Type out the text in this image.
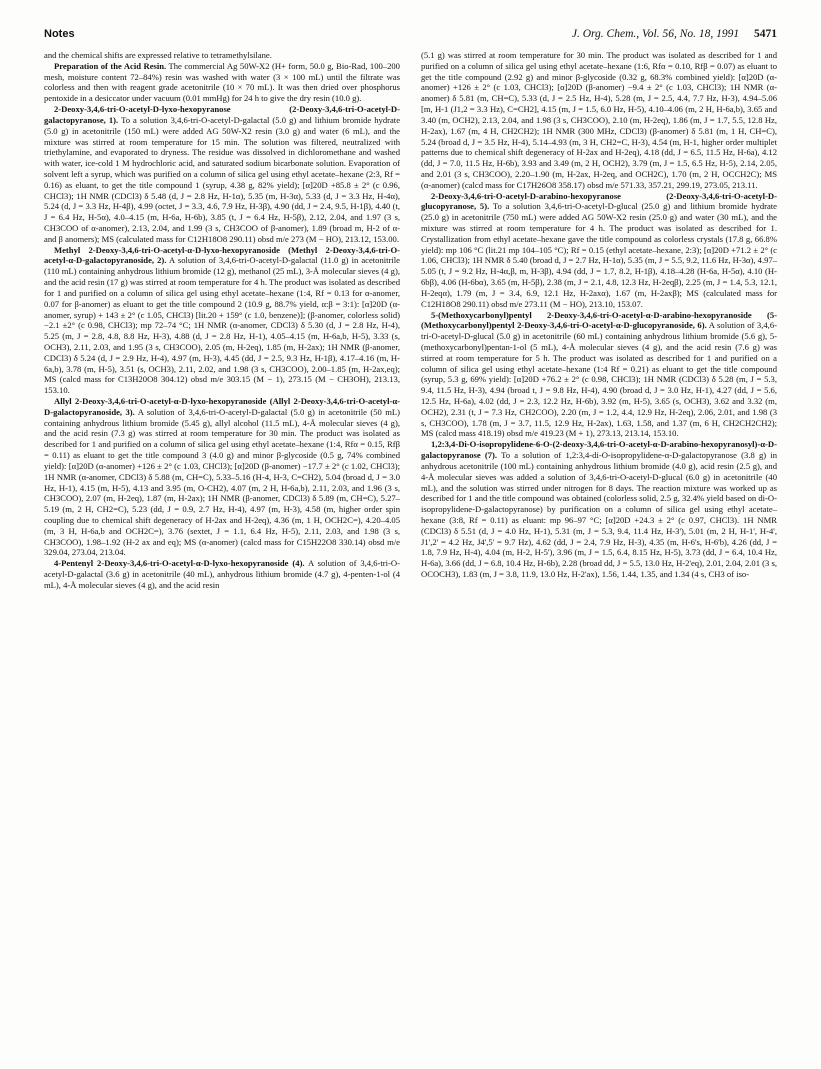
Notes	J. Org. Chem., Vol. 56, No. 18, 1991 5471

and the chemical shifts are expressed relative to tetramethylsilane.

Preparation of the Acid Resin. The commercial Ag 50W-X2 (H+ form, 50.0 g, Bio-Rad, 100–200 mesh, moisture content 72–84%) resin was washed with water (3 × 100 mL) until the filtrate was colorless and then with reagent grade acetonitrile (10 × 70 mL). It was then dried over phosphorus pentoxide in a desiccator under vacuum (0.01 mmHg) for 24 h to give the dry resin (10.0 g).

2-Deoxy-3,4,6-tri-O-acetyl-D-lyxo-hexopyranose (2-Deoxy-3,4,6-tri-O-acetyl-D-galactopyranose, 1). To a solution 3,4,6-tri-O-acetyl-D-galactal (5.0 g) and lithium bromide hydrate (5.0 g) in acetonitrile (150 mL) were added AG 50W-X2 resin (3.0 g) and water (6 mL), and the mixture was stirred at room temperature for 15 min. The solution was filtered, neutralized with triethylamine, and evaporated to dryness. The residue was dissolved in dichloromethane and washed with water, ice-cold 1 M hydrochloric acid, and saturated sodium bicarbonate solution. Evaporation of solvent left a syrup, which was purified on a column of silica gel using ethyl acetate–hexane (2:3, Rf = 0.16) as eluant, to get the title compound 1 (syrup, 4.38 g, 82% yield); [α]20D +85.8 ± 2° (c 0.96, CHCl3); 1H NMR (CDCl3) δ 5.48 (d, J = 2.8 Hz, H-1α), 5.35 (m, H-3α), 5.33 (d, J = 3.3 Hz, H-4α), 5.24 (d, J = 3.3 Hz, H-4β), 4.99 (octet, J = 3.3, 4.6, 7.9 Hz, H-3β), 4.90 (dd, J = 2.4, 9.5, H-1β), 4.40 (t, J = 6.4 Hz, H-5α), 4.0–4.15 (m, H-6a, H-6b), 3.85 (t, J = 6.4 Hz, H-5β), 2.12, 2.04, and 1.97 (3 s, CH3COO of α-anomer), 2.13, 2.04, and 1.99 (3 s, CH3COO of β-anomer), 1.89 (broad m, H-2 of α- and β anomers); MS (calculated mass for C12H18O8 290.11) obsd m/e 273 (M − HO), 213.12, 153.00.

Methyl 2-Deoxy-3,4,6-tri-O-acetyl-α-D-lyxo-hexopyranoside (Methyl 2-Deoxy-3,4,6-tri-O-acetyl-α-D-galactopyranoside, 2). A solution of 3,4,6-tri-O-acetyl-D-galactal (11.0 g) in acetonitrile (110 mL) containing anhydrous lithium bromide (12 g), methanol (25 mL), 3-Å molecular sieves (4 g), and the acid resin (17 g) was stirred at room temperature for 4 h. The product was isolated as described for 1 and purified on a column of silica gel using ethyl acetate–hexane (1:4, Rf = 0.13 for α-anomer, 0.07 for β-anomer) as eluant to get the title compound 2 (10.9 g, 88.7% yield, α:β = 3:1): [α]20D (α-anomer, syrup) + 143 ± 2° (c 1.05, CHCl3) [lit.20 + 159° (c 1.0, benzene)]; (β-anomer, colorless solid) −2.1 ±2° (c 0.98, CHCl3); mp 72–74 °C; 1H NMR (α-anomer, CDCl3) δ 5.30 (d, J = 2.8 Hz, H-4), 5.25 (m, J = 2.8, 4.8, 8.8 Hz, H-3), 4.88 (d, J = 2.8 Hz, H-1), 4.05–4.15 (m, H-6a,b, H-5), 3.33 (s, OCH3), 2.11, 2.03, and 1.95 (3 s, CH3COO), 2.05 (m, H-2eq), 1.85 (m, H-2ax); 1H NMR (β-anomer, CDCl3) δ 5.24 (d, J = 2.9 Hz, H-4), 4.97 (m, H-3), 4.45 (dd, J = 2.5, 9.3 Hz, H-1β), 4.17–4.16 (m, H-6a,b), 3.78 (m, H-5), 3.51 (s, OCH3), 2.11, 2.02, and 1.98 (3 s, CH3COO), 2.00–1.85 (m, H-2ax,eq); MS (calcd mass for C13H20O8 304.12) obsd m/e 303.15 (M − 1), 273.15 (M − CH3OH), 213.13, 153.10.

Allyl 2-Deoxy-3,4,6-tri-O-acetyl-α-D-lyxo-hexopyranoside (Allyl 2-Deoxy-3,4,6-tri-O-acetyl-α-D-galactopyranoside, 3). A solution of 3,4,6-tri-O-acetyl-D-galactal (5.0 g) in acetonitrile (50 mL) containing anhydrous lithium bromide (5.45 g), allyl alcohol (11.5 mL), 4-Å molecular sieves (4 g), and the acid resin (7.3 g) was stirred at room temperature for 30 min. The product was isolated as described for 1 and purified on a column of silica gel using ethyl acetate–hexane (1:4, Rfα = 0.15, Rfβ = 0.11) as eluant to get the title compound 3 (4.0 g) and minor β-glycoside (0.5 g, 74% combined yield): [α]20D (α-anomer) +126 ± 2° (c 1.03, CHCl3); [α]20D (β-anomer) −17.7 ± 2° (c 1.02, CHCl3); 1H NMR (α-anomer, CDCl3) δ 5.88 (m, CH=C), 5.33–5.16 (H-4, H-3, C=CH2), 5.04 (broad d, J = 3.0 Hz, H-1), 4.15 (m, H-5), 4.13 and 3.95 (m, O-CH2), 4.07 (m, 2 H, H-6a,b), 2.11, 2.03, and 1.96 (3 s, CH3COO), 2.07 (m, H-2eq), 1.87 (m, H-2ax); 1H NMR (β-anomer, CDCl3) δ 5.89 (m, CH=C), 5.27–5.19 (m, 2 H, CH2=C), 5.23 (dd, J = 0.9, 2.7 Hz, H-4), 4.97 (m, H-3), 4.58 (m, higher order spin coupling due to chemical shift degeneracy of H-2ax and H-2eq), 4.36 (m, 1 H, OCH2C=), 4.20–4.05 (m, 3 H, H-6a,b and OCH2C=), 3.76 (sextet, J = 1.1, 6.4 Hz, H-5), 2.11, 2.03, and 1.98 (3 s, CH3COO), 1.98–1.92 (H-2 ax and eq); MS (α-anomer) (calcd mass for C15H22O8 330.14) obsd m/e 329.04, 273.04, 213.04.

4-Pentenyl 2-Deoxy-3,4,6-tri-O-acetyl-α-D-lyxo-hexopyranoside (4). A solution of 3,4,6-tri-O-acetyl-D-galactal (3.6 g) in acetonitrile (40 mL), anhydrous lithium bromide (4.7 g), 4-penten-1-ol (4 mL), 4-Å molecular sieves (4 g), and the acid resin

(5.1 g) was stirred at room temperature for 30 min. The product was isolated as described for 1 and purified on a column of silica gel using ethyl acetate–hexane (1:6, Rfα = 0.10, Rfβ = 0.07) as eluant to get the title compound (2.92 g) and minor β-glycoside (0.32 g, 68.3% combined yield): [α]20D (α-anomer) +126 ± 2° (c 1.03, CHCl3); [α]20D (β-anomer) −9.4 ± 2° (c 1.03, CHCl3); 1H NMR (α-anomer) δ 5.81 (m, CH=C), 5.33 (d, J = 2.5 Hz, H-4), 5.28 (m, J = 2.5, 4.4, 7.7 Hz, H-3), 4.94–5.06 [m, H-1 (J1,2 = 3.3 Hz), C=CH2], 4.15 (m, J = 1.5, 6.0 Hz, H-5), 4.10–4.06 (m, 2 H, H-6a,b), 3.65 and 3.40 (m, OCH2), 2.13, 2.04, and 1.98 (3 s, CH3COO), 2.10 (m, H-2eq), 1.86 (m, J = 1.7, 5.5, 12.8 Hz, H-2ax), 1.67 (m, 4 H, CH2CH2); 1H NMR (300 MHz, CDCl3) (β-anomer) δ 5.81 (m, 1 H, CH=C), 5.24 (broad d, J = 3.5 Hz, H-4), 5.14–4.93 (m, 3 H, CH2=C, H-3), 4.54 (m, H-1, higher order multiplet patterns due to chemical shift degeneracy of H-2ax and H-2eq), 4.18 (dd, J = 6.5, 11.5 Hz, H-6a), 4.12 (dd, J = 7.0, 11.5 Hz, H-6b), 3.93 and 3.49 (m, 2 H, OCH2), 3.79 (m, J = 1.5, 6.5 Hz, H-5), 2.14, 2.05, and 2.01 (3 s, CH3COO), 2.20–1.90 (m, H-2ax, H-2eq, and OCH2C), 1.70 (m, 2 H, OCCH2C); MS (α-anomer) (calcd mass for C17H26O8 358.17) obsd m/e 571.33, 357.21, 299.19, 273.05, 213.11.

2-Deoxy-3,4,6-tri-O-acetyl-D-arabino-hexopyranose (2-Deoxy-3,4,6-tri-O-acetyl-D-glucopyranose, 5). To a solution 3,4,6-tri-O-acetyl-D-glucal (25.0 g) and lithium bromide hydrate (25.0 g) in acetonitrile (750 mL) were added AG 50W-X2 resin (25.0 g) and water (30 mL), and the mixture was stirred at room temperature for 4 h. The product was isolated as described for 1. Crystallization from ethyl acetate–hexane gave the title compound as colorless crystals (17.8 g, 66.8% yield): mp 106 °C (lit.21 mp 104–105 °C); Rf = 0.15 (ethyl acetate–hexane, 2:3); [α]20D +71.2 ± 2° (c 1.06, CHCl3); 1H NMR δ 5.40 (broad d, J = 2.7 Hz, H-1α), 5.35 (m, J = 5.5, 9.2, 11.6 Hz, H-3α), 4.97–5.05 (t, J = 9.2 Hz, H-4α,β, m, H-3β), 4.94 (dd, J = 1.7, 8.2, H-1β), 4.18–4.28 (H-6a, H-5α), 4.10 (H-6bβ), 4.06 (H-6bα), 3.65 (m, H-5β), 2.38 (m, J = 2.1, 4.8, 12.3 Hz, H-2eqβ), 2.25 (m, J = 1.4, 5.3, 12.1, H-2eqα), 1.79 (m, J = 3.4, 6.9, 12.1 Hz, H-2axα), 1.67 (m, H-2axβ); MS (calculated mass for C12H18O8 290.11) obsd m/e 273.11 (M − HO), 213.10, 153.07.

5-(Methoxycarbonyl)pentyl 2-Deoxy-3,4,6-tri-O-acetyl-α-D-arabino-hexopyranoside (5-(Methoxycarbonyl)pentyl 2-Deoxy-3,4,6-tri-O-acetyl-α-D-glucopyranoside, 6). A solution of 3,4,6-tri-O-acetyl-D-glucal (5.0 g) in acetonitrile (60 mL) containing anhydrous lithium bromide (5.6 g), 5-(methoxycarbonyl)pentan-1-ol (5 mL), 4-Å molecular sieves (4 g), and the acid resin (7.6 g) was stirred at room temperature for 5 h. The product was isolated as described for 1 and purified on a column of silica gel using ethyl acetate–hexane (1:4 Rf = 0.21) as eluant to get the title compound (syrup, 5.3 g, 69% yield): [α]20D +76.2 ± 2° (c 0.98, CHCl3); 1H NMR (CDCl3) δ 5.28 (m, J = 5.3, 9.4, 11.5 Hz, H-3), 4.94 (broad t, J = 9.8 Hz, H-4), 4.90 (broad d, J = 3.0 Hz, H-1), 4.27 (dd, J = 5.6, 12.5 Hz, H-6a), 4.02 (dd, J = 2.3, 12.2 Hz, H-6b), 3.92 (m, H-5), 3.65 (s, OCH3), 3.62 and 3.32 (m, OCH2), 2.31 (t, J = 7.3 Hz, CH2COO), 2.20 (m, J = 1.2, 4.4, 12.9 Hz, H-2eq), 2.06, 2.01, and 1.98 (3 s, CH3COO), 1.78 (m, J = 3.7, 11.5, 12.9 Hz, H-2ax), 1.63, 1.58, and 1.37 (m, 6 H, CH2CH2CH2); MS (calcd mass 418.19) obsd m/e 419.23 (M + 1), 273.13, 213.14, 153.10.

1,2:3,4-Di-O-isopropylidene-6-O-(2-deoxy-3,4,6-tri-O-acetyl-α-D-arabino-hexopyranosyl)-α-D-galactopyranose (7). To a solution of 1,2:3,4-di-O-isopropylidene-α-D-galactopyranose (3.8 g) in anhydrous acetonitrile (100 mL) containing anhydrous lithium bromide (4.0 g), acid resin (2.5 g), and 4-Å molecular sieves was added a solution of 3,4,6-tri-O-acetyl-D-glucal (6.0 g) in acetonitrile (40 mL), and the solution was stirred under nitrogen for 8 days. The reaction mixture was worked up as described for 1 and the title compound was obtained (colorless solid, 2.5 g, 32.4% yield based on di-O-isopropylidene-D-galactopyranose) by purification on a column of silica gel using ethyl acetate–hexane (3:8, Rf = 0.11) as eluant: mp 96–97 °C; [α]20D +24.3 ± 2° (c 0.97, CHCl3). 1H NMR (CDCl3) δ 5.51 (d, J = 4.0 Hz, H-1), 5.31 (m, J = 5.3, 9.4, 11.4 Hz, H-3'), 5.01 (m, 2 H, H-1', H-4', J1',2' = 4.2 Hz, J4',5' = 9.7 Hz), 4.62 (dd, J = 2.4, 7.9 Hz, H-3), 4.35 (m, H-6's, H-6'b), 4.26 (dd, J = 1.8, 7.9 Hz, H-4), 4.04 (m, H-2, H-5'), 3.96 (m, J = 1.5, 6.4, 8.15 Hz, H-5), 3.73 (dd, J = 6.4, 10.4 Hz, H-6a), 3.66 (dd, J = 6.8, 10.4 Hz, H-6b), 2.28 (broad dd, J = 5.5, 13.0 Hz, H-2'eq), 2.01, 2.04, 2.01 (3 s, OCOCH3), 1.83 (m, J = 3.8, 11.9, 13.0 Hz, H-2'ax), 1.56, 1.44, 1.35, and 1.34 (4 s, CH3 of iso-
